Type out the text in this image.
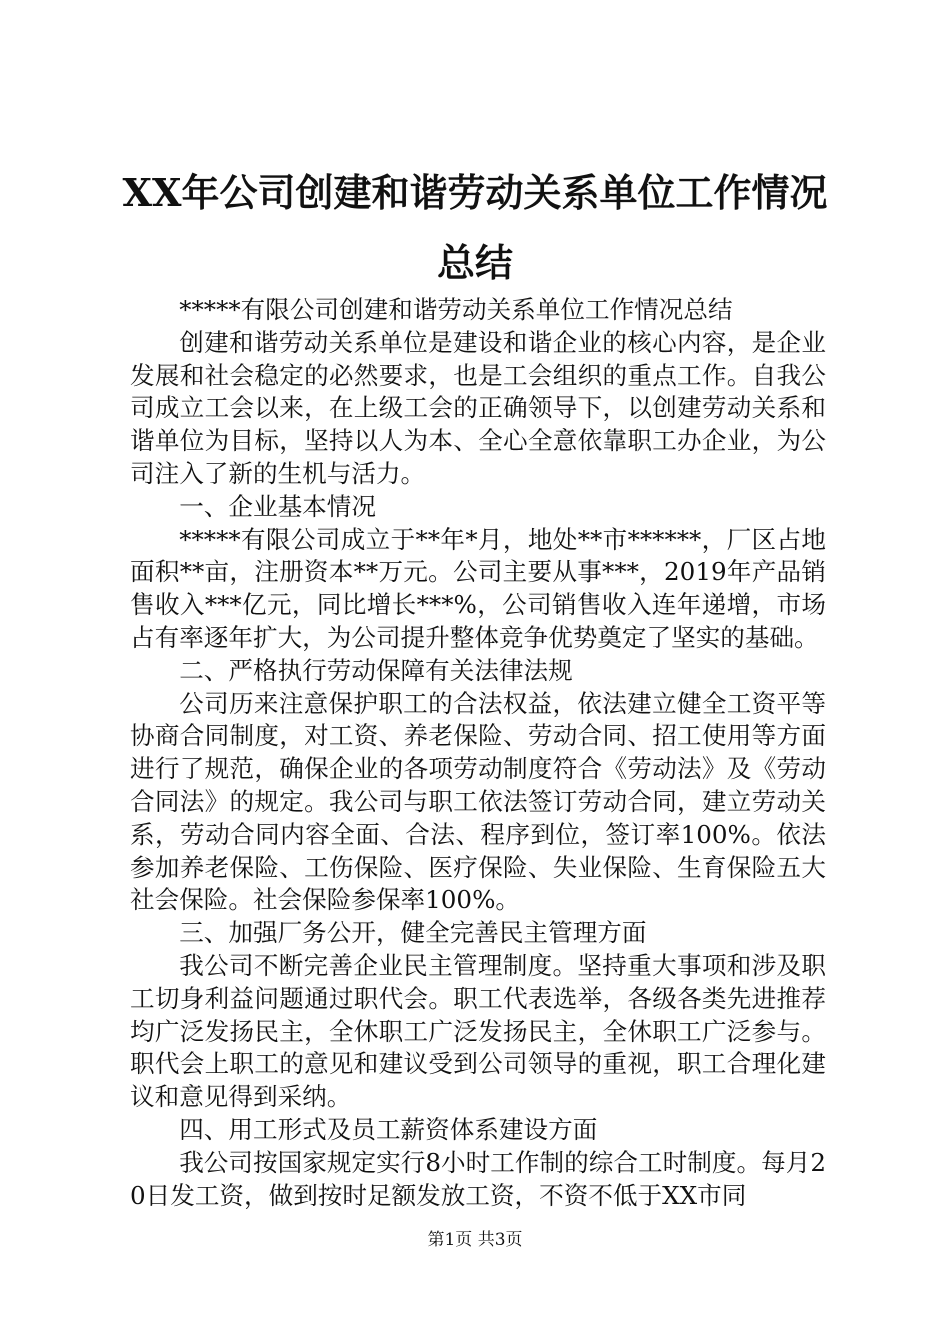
XX年公司创建和谐劳动关系单位工作情况总结

*****有限公司创建和谐劳动关系单位工作情况总结

创建和谐劳动关系单位是建设和谐企业的核心内容，是企业发展和社会稳定的必然要求，也是工会组织的重点工作。自我公司成立工会以来，在上级工会的正确领导下，以创建劳动关系和谐单位为目标，坚持以人为本、全心全意依靠职工办企业，为公司注入了新的生机与活力。

一、企业基本情况

*****有限公司成立于**年*月，地处**市******，厂区占地面积**亩，注册资本**万元。公司主要从事***，2019年产品销售收入***亿元，同比增长***%，公司销售收入连年递增，市场占有率逐年扩大，为公司提升整体竞争优势奠定了坚实的基础。

二、严格执行劳动保障有关法律法规

公司历来注意保护职工的合法权益，依法建立健全工资平等协商合同制度，对工资、养老保险、劳动合同、招工使用等方面进行了规范，确保企业的各项劳动制度符合《劳动法》及《劳动合同法》的规定。我公司与职工依法签订劳动合同，建立劳动关系，劳动合同内容全面、合法、程序到位，签订率100%。依法参加养老保险、工伤保险、医疗保险、失业保险、生育保险五大社会保险。社会保险参保率100%。

三、加强厂务公开，健全完善民主管理方面

我公司不断完善企业民主管理制度。坚持重大事项和涉及职工切身利益问题通过职代会。职工代表选举，各级各类先进推荐均广泛发扬民主，全休职工广泛发扬民主，全休职工广泛参与。职代会上职工的意见和建议受到公司领导的重视，职工合理化建议和意见得到采纳。

四、用工形式及员工薪资体系建设方面

我公司按国家规定实行8小时工作制的综合工时制度。每月20日发工资，做到按时足额发放工资，不资不低于XX市同

第1页 共3页
